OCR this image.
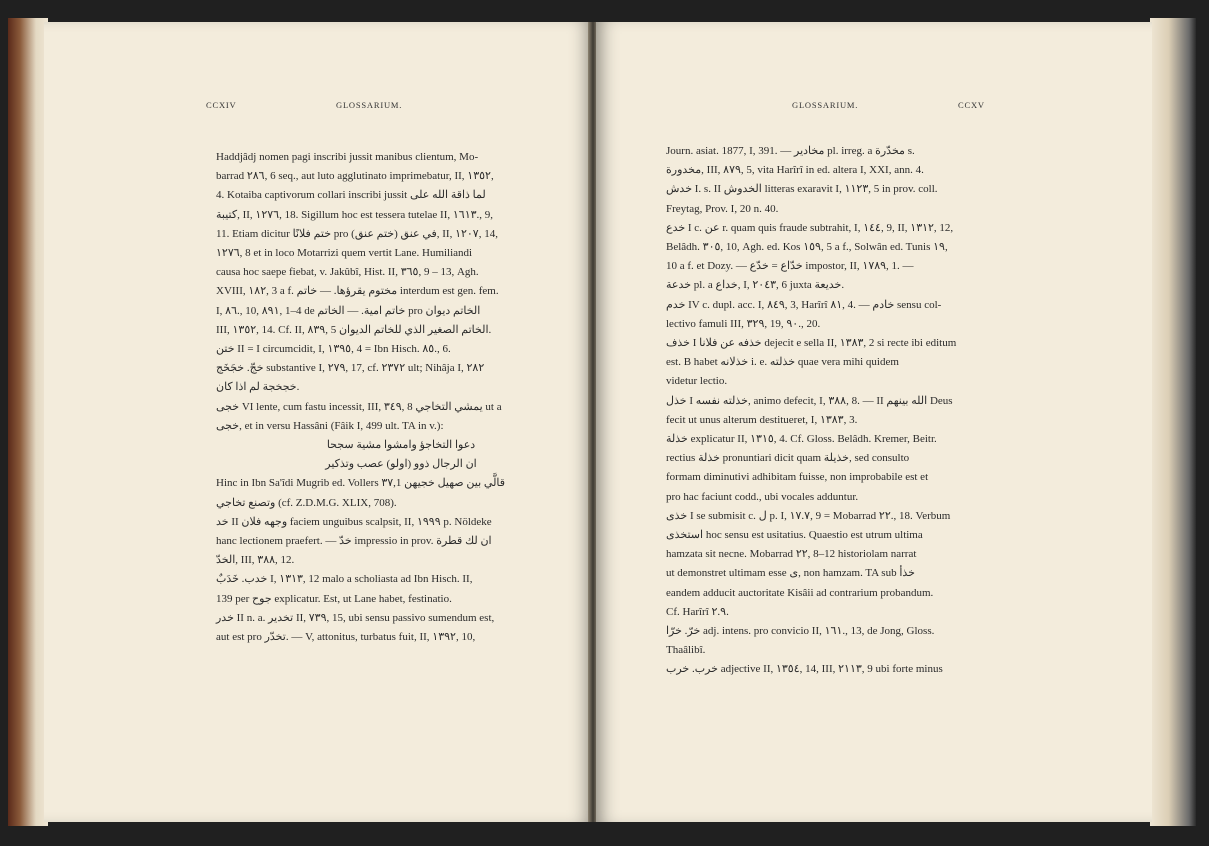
CCXIV	GLOSSARIUM.

Haddjâdj nomen pagi inscribi jussit manibus clientum, Mo-

barrad ٢٨٦, 6 seq., aut luto agglutinato imprimebatur, II, ١٣٥٢,

4. Kotaiba captivorum collari inscribi jussit لما ذاقة الله على

كتيبة, II, ١٢٧٦, 18. Sigillum hoc est tessera tutelae II, ١٦١٣., 9,

11. Etiam dicitur ختم فلانًا pro (ختم عنق) في عنق, II, ١٢٠٧, 14,

١٢٧٦, 8 et in loco Motarrizi quem vertit Lane. Humiliandi

causa hoc saepe fiebat, v. Jakûbî, Hist. II, ٣٦٥, 9 – 13, Agh.

XVIII, ١٨٢, 3 a f. مختوم يقرؤها. — خاتم interdum est gen. fem.

I, ٨٦., 10, ٨٩١, 1–4 de خاتم امية. — الخاتم pro الخاتم ديوان

III, ١٣٥٢, 14. Cf. II, ٨٣٩, 5 الخاتم الصغير الذي للخاتم الديوان.

ختن II = I circumcidit, I, ١٣٩٥, 4 = Ibn Hisch. ٨٥., 6.

خجّ. خجَخَج substantive I, ٢٧٩, 17, cf. ٢٣٧٢ ult; Nihâja I, ٢٨٢

خجخجة لم اذا كان.

خجى VI lente, cum fastu incessit, III, ٣٤٩, 8 يمشي التخاجي ut a

خجى, et in versu Hassâni (Fâik I, 499 ult. TA in v.):

دعوا التخاجؤ وامشوا مشية سجحا

ان الرجال ذوو (اولو) عصب وتذكير

Hinc in Ibn Sa'îdi Mugrib ed. Vollers ٣٧,1 قالَّي بين صهيل خجيهن

وتصنع تخاجي (cf. Z.D.M.G. XLIX, 708).

خد II وجهه فلان faciem unguibus scalpsit, II, ١٩٩٩ p. Nöldeke

hanc lectionem praefert. — خدّ impressio in prov. ان لك قطرة

الخدّ, III, ٣٨٨, 12.

خدب. خَدَبٌ I, ١٣١٣, 12 malo a scholiasta ad Ibn Hisch. II,

139 per جوح explicatur. Est, ut Lane habet, festinatio.

خدر II n. a. تخدير II, ٧٣٩, 15, ubi sensu passivo sumendum est,

aut est pro تخدّر. — V, attonitus, turbatus fuit, II, ١٣٩٢, 10,

GLOSSARIUM.	CCXV

Journ. asiat. 1877, I, 391. — مخادير pl. irreg. a مخدّرة s.

مخدورة, III, ٨٧٩, 5, vita Harîrî in ed. altera I, XXI, ann. 4.

خدش I. s. II الخدوش litteras exaravit I, ١١٢٣, 5 in prov. coll.

Freytag, Prov. I, 20 n. 40.

خدع I c. عن r. quam quis fraude subtrahit, I, ١٤٤, 9, II, ١٣١٢, 12,

Belâdh. ٣٠٥, 10, Agh. ed. Kos ١٥٩, 5 a f., Solwân ed. Tunis ١٩,

10 a f. et Dozy. — خدّاع = خدّع impostor, II, ١٧٨٩, 1. —

خدعة pl. a خداع, I, ٢٠٤٣, 6 juxta خديعة.

خدم IV c. dupl. acc. I, ٨٤٩, 3, Harîrî ٨١, 4. — خادم sensu col-

lectivo famuli III, ٣٢٩, 19, ٩٠., 20.

خذف I خذفه عن فلانا dejecit e sella II, ١٣٨٣, 2 si recte ibi editum

est. B habet خذلانه i. e. خذلته quae vera mihi quidem

videtur lectio.

خذل I خذلته نفسه, animo defecit, I, ٣٨٨, 8. — II الله بينهم Deus

fecit ut unus alterum destitueret, I, ١٣٨٣, 3.

خذلة explicatur II, ١٣١٥, 4. Cf. Gloss. Belâdh. Kremer, Beitr.

rectius خذلة pronuntiari dicit quam خذيلة, sed consulto

formam diminutivi adhibitam fuisse, non improbabile est et

pro hac faciunt codd., ubi vocales adduntur.

خذى I se submisit c. ل p. I, ١٧.٧, 9 = Mobarrad ٢٢., 18. Verbum

استخذى hoc sensu est usitatius. Quaestio est utrum ultima

hamzata sit necne. Mobarrad ٢٢, 8–12 historiolam narrat

ut demonstret ultimam esse ى, non hamzam. TA sub خذأ

eandem adducit auctoritate Kisâii ad contrarium probandum.

Cf. Harîrî ٢.٩.

خرّ. خرّا adj. intens. pro convicio II, ١٦١., 13, de Jong, Gloss.

Thaâlibî.

خرب. خرب adjective II, ١٣٥٤, 14, III, ٢١١٣, 9 ubi forte minus
